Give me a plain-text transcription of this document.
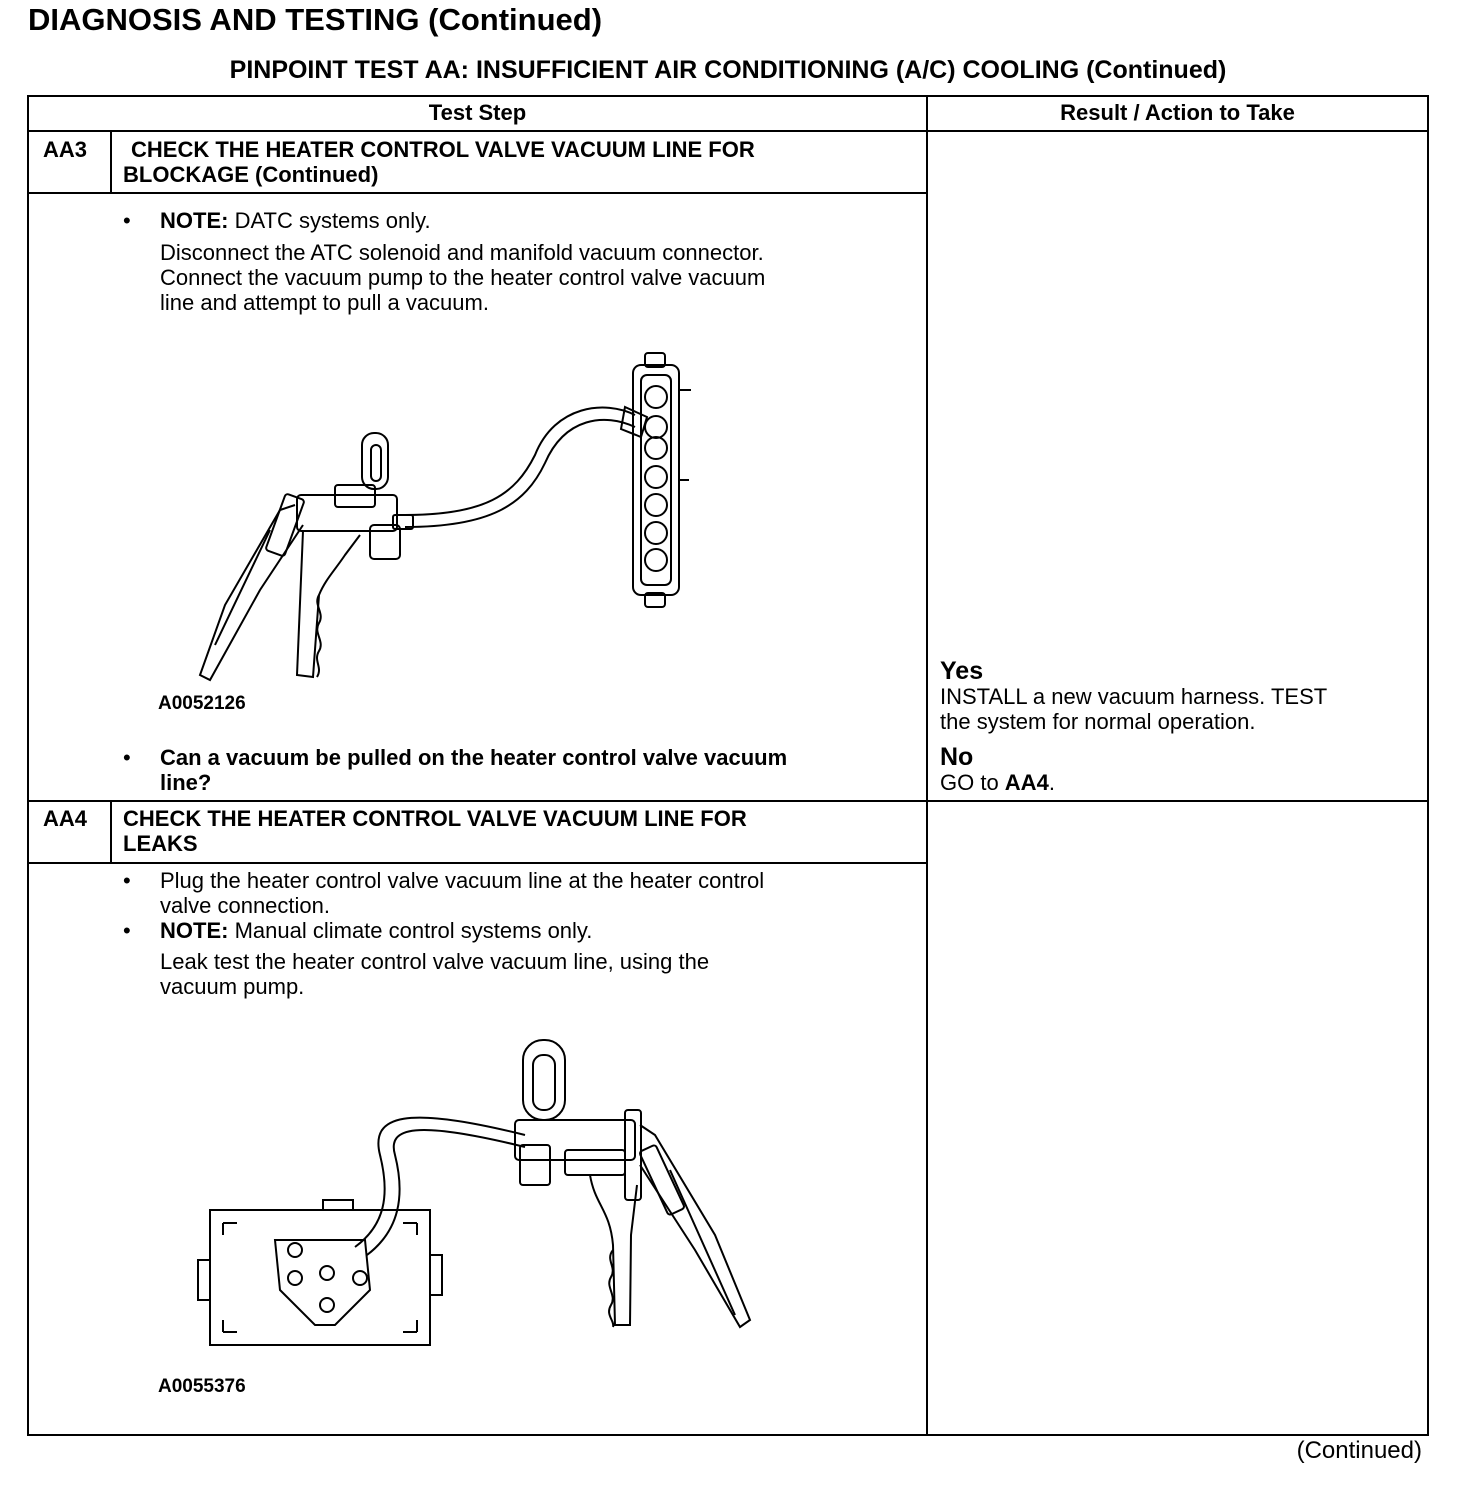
DIAGNOSIS AND TESTING (Continued)
PINPOINT TEST AA: INSUFFICIENT AIR CONDITIONING (A/C) COOLING (Continued)
Test Step	Result / Action to Take
AA3	CHECK THE HEATER CONTROL VALVE VACUUM LINE FOR
BLOCKAGE (Continued)
• NOTE: DATC systems only.
Disconnect the ATC solenoid and manifold vacuum connector.
Connect the vacuum pump to the heater control valve vacuum
line and attempt to pull a vacuum.
A0052126
• Can a vacuum be pulled on the heater control valve vacuum
line?
Yes
INSTALL a new vacuum harness. TEST
the system for normal operation.
No
GO to AA4.
AA4 CHECK THE HEATER CONTROL VALVE VACUUM LINE FOR
LEAKS
• Plug the heater control valve vacuum line at the heater control
valve connection.
• NOTE: Manual climate control systems only.
Leak test the heater control valve vacuum line, using the
vacuum pump.
A0055376
(Continued)
